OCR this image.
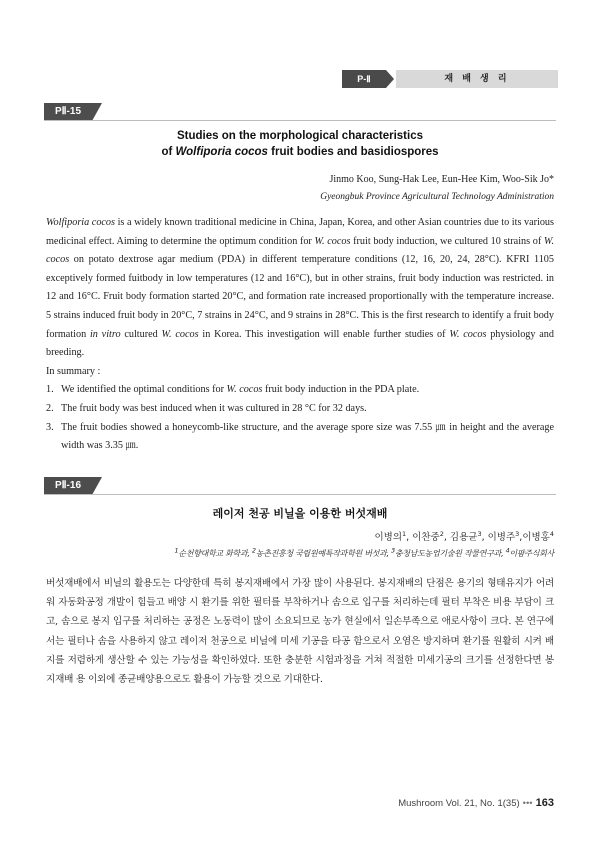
P-Ⅱ	재 배 생 리
PⅡ-15
Studies on the morphological characteristics
of Wolfiporia cocos fruit bodies and basidiospores
Jinmo Koo, Sung-Hak Lee, Eun-Hee Kim, Woo-Sik Jo*
Gyeongbuk Province Agricultural Technology Administration

Wolfiporia cocos is a widely known traditional medicine in China, Japan, Korea, and other Asian countries due to its various medicinal effect. Aiming to determine the optimum condition for W. cocos fruit body induction, we cultured 10 strains of W. cocos on potato dextrose agar medium (PDA) in different temperature conditions (12, 16, 20, 24, 28°C). KFRI 1105 exceptively formed fuitbody in low temperatures (12 and 16°C), but in other strains, fruit body induction was restricted. in 12 and 16°C. Fruit body formation started 20°C, and formation rate increased proportionally with the temperature increase. 5 strains induced fruit body in 20°C, 7 strains in 24°C, and 9 strains in 28°C. This is the first research to identify a fruit body formation in vitro cultured W. cocos in Korea. This investigation will enable further studies of W. cocos physiology and breeding.

In summary :

1. We identified the optimal conditions for W. cocos fruit body induction in the PDA plate.
2. The fruit body was best induced when it was cultured in 28 °C for 32 days.
3. The fruit bodies showed a honeycomb-like structure, and the average spore size was 7.55 ㎛ in height and the average width was 3.35 ㎛.
PⅡ-16
레이저 천공 비닐을 이용한 버섯재배
이병의$^1$, 이찬중$^2$, 김용균$^3$, 이병주$^3$,이병홍$^4$
$^1$순천향대학교 화학과, $^2$농촌진흥청 국립원예특작과학원 버섯과, $^3$충청남도농업기술원 작물연구과, $^4$이팜주식회사
버섯재배에서 비닐의 활용도는 다양한데 특히 봉지재배에서 가장 많이 사용된다. 봉지재배의 단점은 용기의 형태유지가 어려워 자동화공정 개발이 힘들고 배양 시 환기를 위한 필터를 부착하거나 솜으로 입구를 처리하는데 필터 부착은 비용 부담이 크고, 솜으로 봉지 입구를 처리하는 공정은 노동력이 많이 소요되므로 농가 현실에서 일손부족으로 애로사항이 크다. 본 연구에서는 필터나 솜을 사용하지 않고 레이저 천공으로 비닐에 미세 기공을 타공 함으로서 오염은 방지하며 환기를 원활히 시켜 배지를 저렴하게 생산할 수 있는 가능성을 확인하였다. 또한 충분한 시험과정을 거쳐 적절한 미세기공의 크기를 선정한다면 봉지재배 용 이외에 종균배양용으로도 활용이 가능할 것으로 기대한다.
Mushroom Vol. 21, No. 1(35) ••• 163
